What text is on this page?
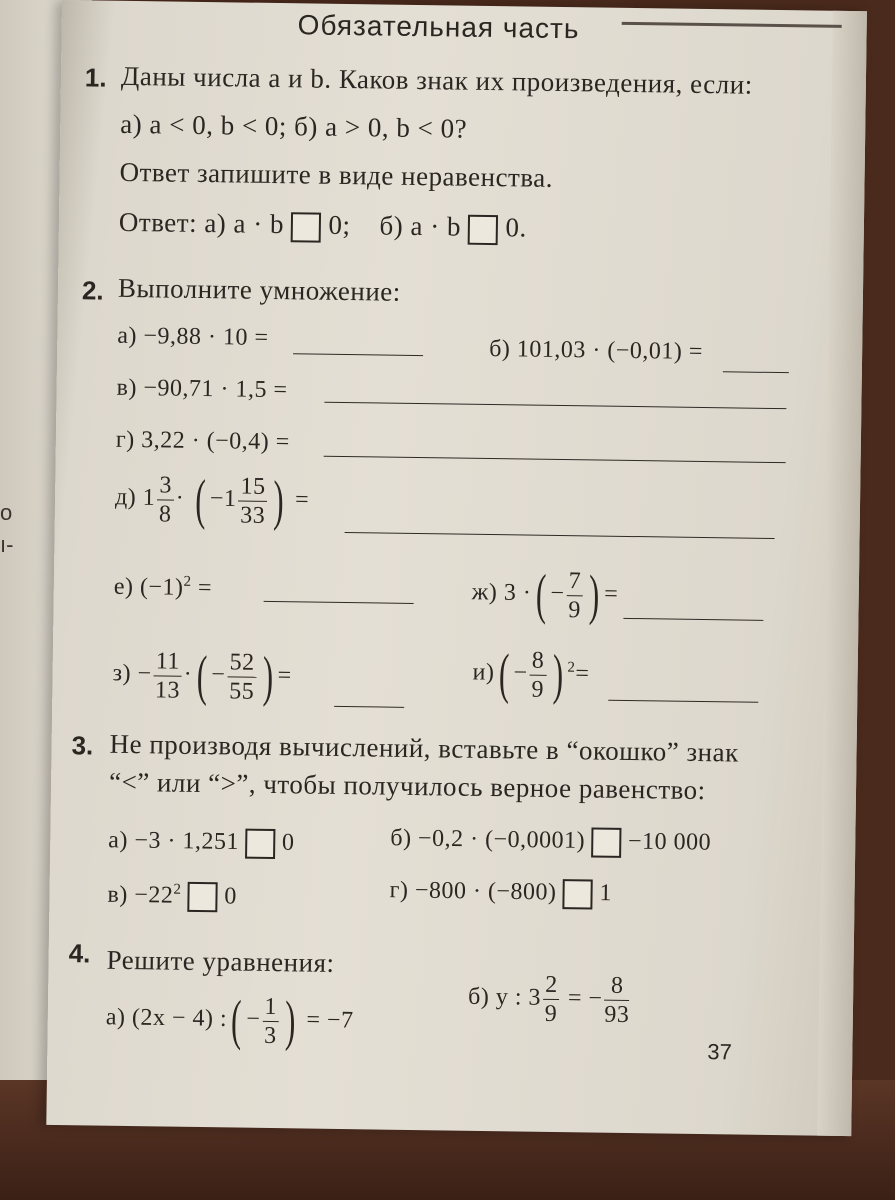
о
ı-
Обязательная часть
1. Даны числа a и b. Каков знак их произведения, если:
а) a < 0, b < 0; б) a > 0, b < 0?
Ответ запишите в виде неравенства.
Ответ: а) a · b 0; б) a · b 0.
2. Выполните умножение:
а) −9,88 · 10 =	б) 101,03 · (−0,01) =
в) −90,71 · 1,5 =
г) 3,22 · (−0,4) =
д) $1 \frac{3}{8}$ · ( $-1 \frac{15}{33}$ ) =
е) $(-1)^2$ =	ж) 3 ·( − $\frac{7}{9}$ ) =
$з) - \frac{11}{13}$ ·( − $\frac{52}{55}$ ) =	$и)( - \frac{8}{9}$ ) $^2$=
3. Не производя вычислений, вставьте в “окошко” знак
“<” или “>”, чтобы получилось верное равенство:
а) −3 · 1,251 0	б) −0,2 · (−0,0001) −10 000
$в) -22^2$ 0	г) −800 · (−800) 1
4. Решите уравнения:
а) (2x − 4) :( − $\frac{1}{3}$ ) = −7
б) y : $3 \frac{2}{9}$ = − $\frac{8}{93}$
37
